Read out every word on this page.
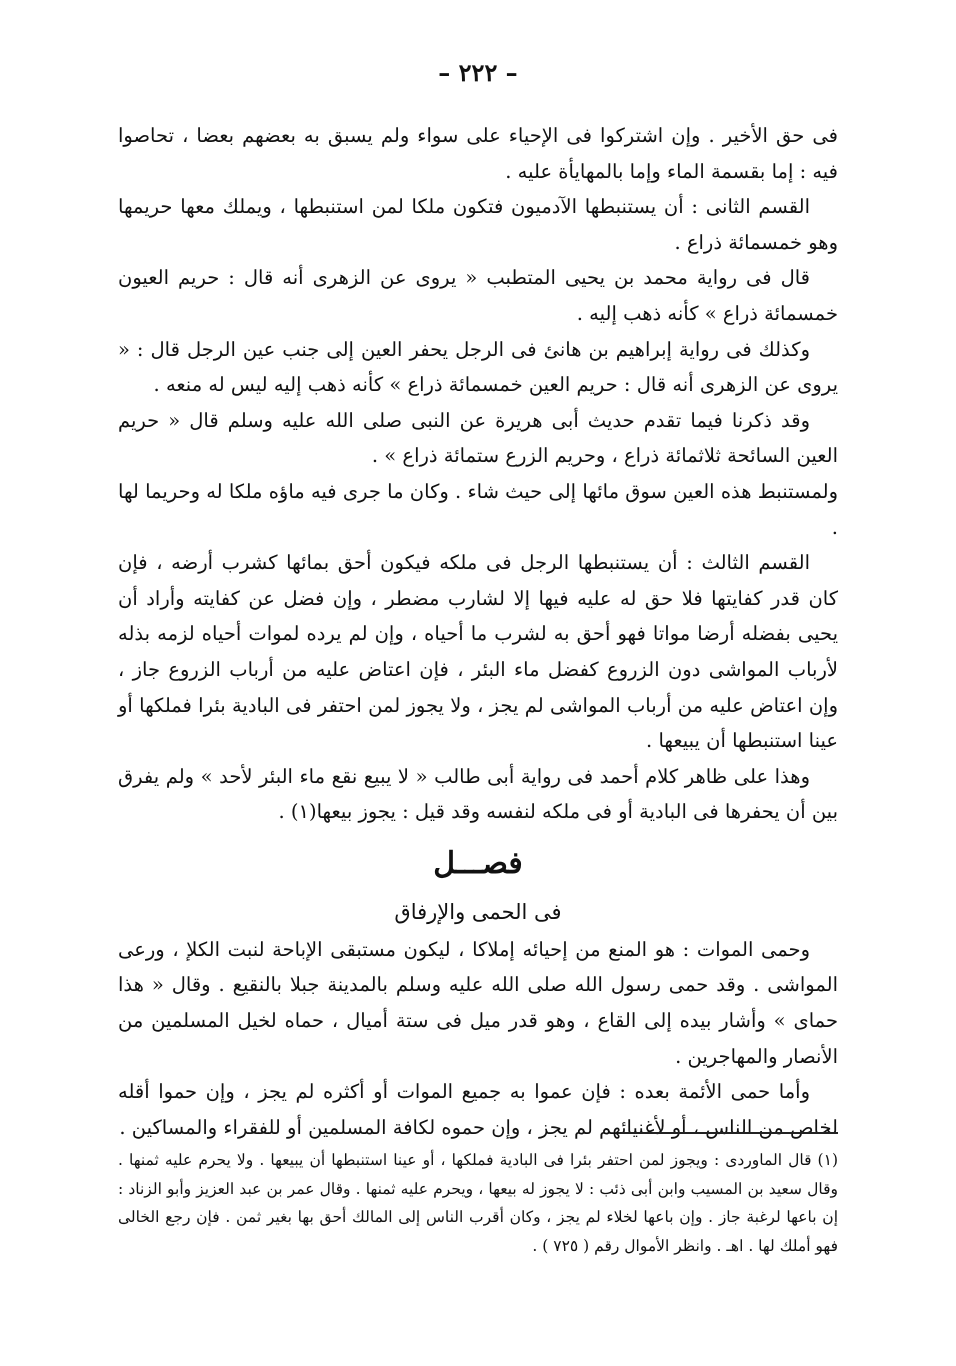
– ٢٢٢ –

فى حق الأخير . وإن اشتركوا فى الإحياء على سواء ولم يسبق به بعضهم بعضا ، تحاصوا فيه : إما بقسمة الماء وإما بالمهايأة عليه .

القسم الثانى : أن يستنبطها الآدميون فتكون ملكا لمن استنبطها ، ويملك معها حريمها وهو خمسمائة ذراع .

قال فى رواية محمد بن يحيى المتطبب « يروى عن الزهرى أنه قال : حريم العيون خمسمائة ذراع » كأنه ذهب إليه .

وكذلك فى رواية إبراهيم بن هانئ فى الرجل يحفر العين إلى جنب عين الرجل قال : « يروى عن الزهرى أنه قال : حريم العين خمسمائة ذراع » كأنه ذهب إليه ليس له منعه .

وقد ذكرنا فيما تقدم حديث أبى هريرة عن النبى صلى الله عليه وسلم قال « حريم العين السائحة ثلاثمائة ذراع ، وحريم الزرع ستمائة ذراع » .

ولمستنبط هذه العين سوق مائها إلى حيث شاء . وكان ما جرى فيه ماؤه ملكا له وحريما لها .

القسم الثالث : أن يستنبطها الرجل فى ملكه فيكون أحق بمائها كشرب أرضه ، فإن كان قدر كفايتها فلا حق له عليه فيها إلا لشارب مضطر ، وإن فضل عن كفايته وأراد أن يحيى بفضله أرضا مواتا فهو أحق به لشرب ما أحياه ، وإن لم يرده لموات أحياه لزمه بذله لأرباب المواشى دون الزروع كفضل ماء البئر ، فإن اعتاض عليه من أرباب الزروع جاز ، وإن اعتاض عليه من أرباب المواشى لم يجز ، ولا يجوز لمن احتفر فى البادية بئرا فملكها أو عينا استنبطها أن يبيعها .

وهذا على ظاهر كلام أحمد فى رواية أبى طالب « لا يبيع نقع ماء البئر لأحد » ولم يفرق بين أن يحفرها فى البادية أو فى ملكه لنفسه وقد قيل : يجوز بيعها(١) .

فصـــل
فى الحمى والإرفاق

وحمى الموات : هو المنع من إحيائه إملاكا ، ليكون مستبقى الإباحة لنبت الكلإ ، ورعى المواشى . وقد حمى رسول الله صلى الله عليه وسلم بالمدينة جبلا بالنقيع . وقال « هذا حماى » وأشار بيده إلى القاع ، وهو قدر ميل فى ستة أميال ، حماه لخيل المسلمين من الأنصار والمهاجرين .

وأما حمى الأئمة بعده : فإن عموا به جميع الموات أو أكثره لم يجز ، وإن حموا أقله لخاص من الناس ، أو لأغنيائهم لم يجز ، وإن حموه لكافة المسلمين أو للفقراء والمساكين .

(١) قال الماوردى : ويجوز لمن احتفر بئرا فى البادية فملكها ، أو عينا استنبطها أن يبيعها . ولا يحرم عليه ثمنها . وقال سعيد بن المسيب وابن أبى ذئب : لا يجوز له بيعها ، ويحرم عليه ثمنها . وقال عمر بن عبد العزيز وأبو الزناد : إن باعها لرغبة جاز . وإن باعها لخلاء لم يجز ، وكان أقرب الناس إلى المالك أحق بها بغير ثمن . فإن رجع الخالى فهو أملك لها . اهـ . وانظر الأموال رقم ( ٧٢٥ ) .
